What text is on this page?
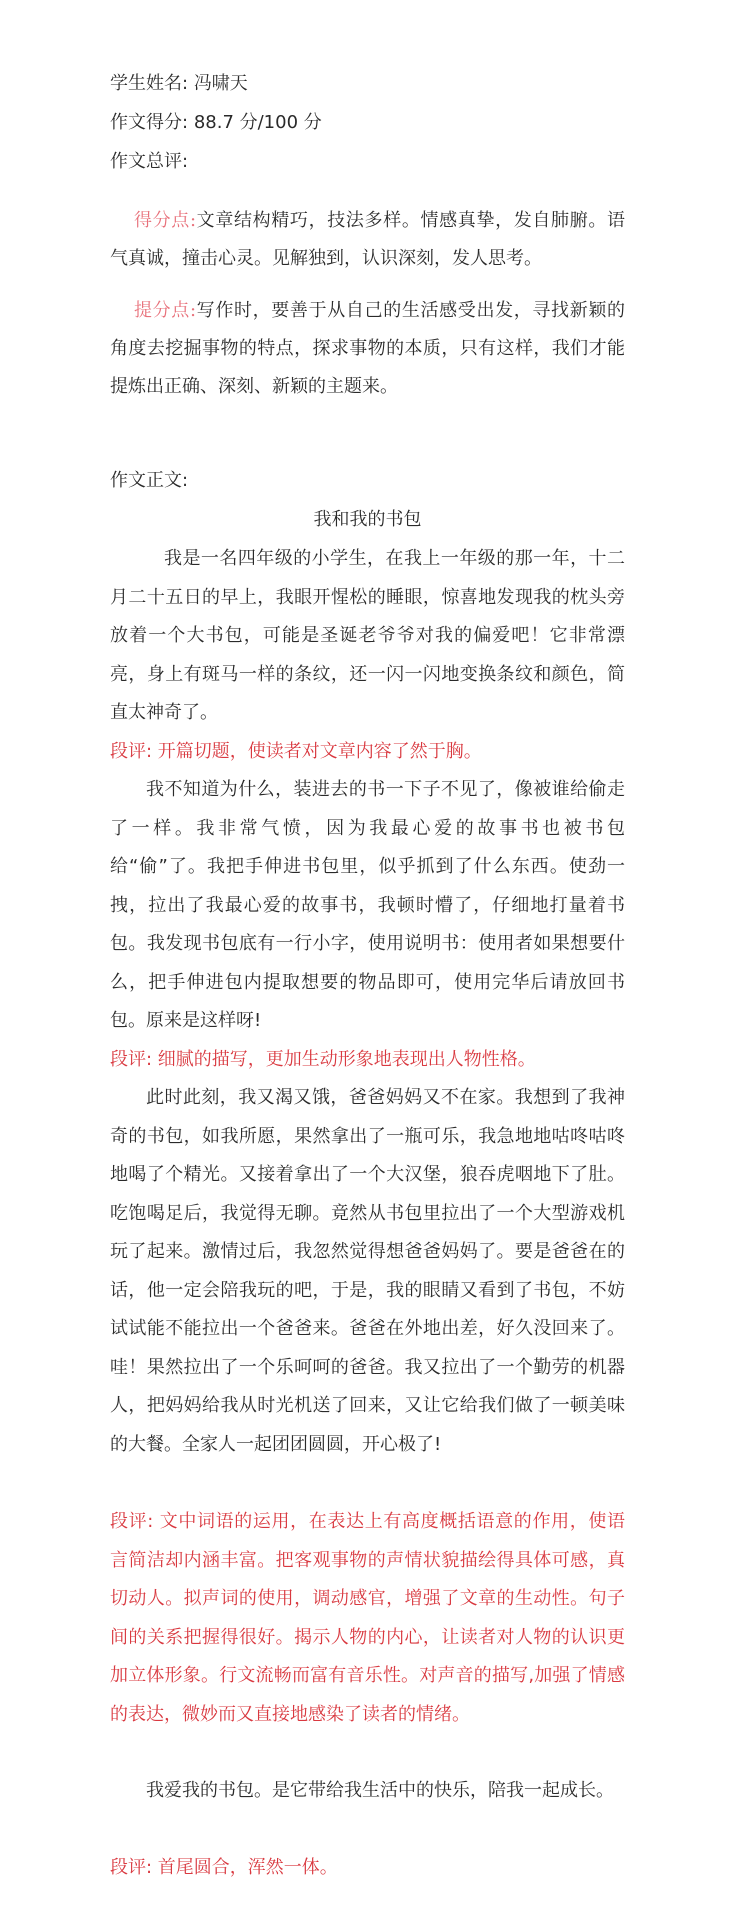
学生姓名: 冯啸天
作文得分: 88.7 分/100 分
作文总评:
得分点:文章结构精巧，技法多样。情感真挚，发自肺腑。语气真诚，撞击心灵。见解独到，认识深刻，发人思考。
提分点:写作时，要善于从自己的生活感受出发，寻找新颖的角度去挖掘事物的特点，探求事物的本质，只有这样，我们才能提炼出正确、深刻、新颖的主题来。
作文正文:
我和我的书包
我是一名四年级的小学生，在我上一年级的那一年，十二月二十五日的早上，我眼开惺松的睡眼，惊喜地发现我的枕头旁放着一个大书包，可能是圣诞老爷爷对我的偏爱吧！它非常漂亮，身上有斑马一样的条纹，还一闪一闪地变换条纹和颜色，简直太神奇了。
段评: 开篇切题，使读者对文章内容了然于胸。
我不知道为什么，装进去的书一下子不见了，像被谁给偷走了一样。我非常气愤，因为我最心爱的故事书也被书包给“偷”了。我把手伸进书包里，似乎抓到了什么东西。使劲一拽，拉出了我最心爱的故事书，我顿时懵了，仔细地打量着书包。我发现书包底有一行小字，使用说明书：使用者如果想要什么，把手伸进包内提取想要的物品即可，使用完华后请放回书包。原来是这样呀!
段评: 细腻的描写，更加生动形象地表现出人物性格。
此时此刻，我又渴又饿，爸爸妈妈又不在家。我想到了我神奇的书包，如我所愿，果然拿出了一瓶可乐，我急地地咕咚咕咚地喝了个精光。又接着拿出了一个大汉堡，狼吞虎咽地下了肚。吃饱喝足后，我觉得无聊。竟然从书包里拉出了一个大型游戏机玩了起来。激情过后，我忽然觉得想爸爸妈妈了。要是爸爸在的话，他一定会陪我玩的吧，于是，我的眼睛又看到了书包，不妨试试能不能拉出一个爸爸来。爸爸在外地出差，好久没回来了。哇！果然拉出了一个乐呵呵的爸爸。我又拉出了一个勤劳的机器人，把妈妈给我从时光机送了回来，又让它给我们做了一顿美味的大餐。全家人一起团团圆圆，开心极了!
段评: 文中词语的运用，在表达上有高度概括语意的作用，使语言简洁却内涵丰富。把客观事物的声情状貌描绘得具体可感，真切动人。拟声词的使用，调动感官，增强了文章的生动性。句子间的关系把握得很好。揭示人物的内心，让读者对人物的认识更加立体形象。行文流畅而富有音乐性。对声音的描写,加强了情感的表达，微妙而又直接地感染了读者的情绪。
我爱我的书包。是它带给我生活中的快乐，陪我一起成长。
段评: 首尾圆合，浑然一体。
